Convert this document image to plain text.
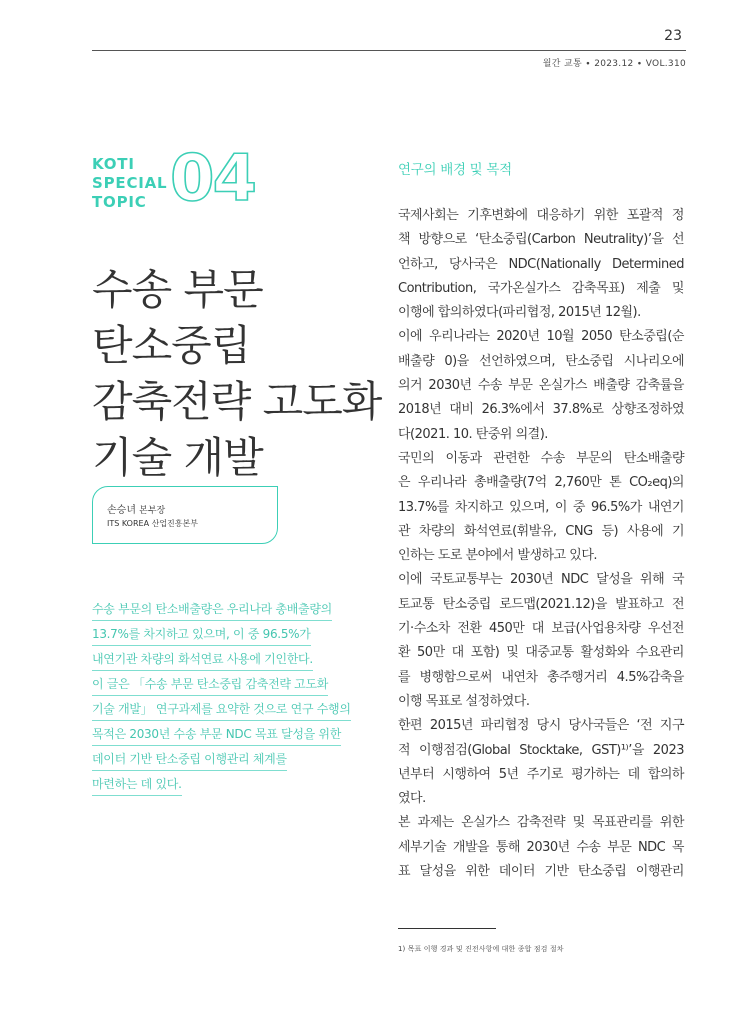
23
월간 교통 ∙ 2023.12 ∙ VOL.310
KOTI
SPECIAL
TOPIC 04
수송 부문
탄소중립
감축전략 고도화
기술 개발
손승녀 본부장
ITS KOREA 산업진흥본부
수송 부문의 탄소배출량은 우리나라 총배출량의
13.7%를 차지하고 있으며, 이 중 96.5%가
내연기관 차량의 화석연료 사용에 기인한다.
이 글은 「수송 부문 탄소중립 감축전략 고도화
기술 개발」 연구과제를 요약한 것으로 연구 수행의
목적은 2030년 수송 부문 NDC 목표 달성을 위한
데이터 기반 탄소중립 이행관리 체계를
마련하는 데 있다.
연구의 배경 및 목적
국제사회는 기후변화에 대응하기 위한 포괄적 정
책 방향으로 ‘탄소중립(Carbon Neutrality)’을 선
언하고, 당사국은 NDC(Nationally Determined
Contribution, 국가온실가스 감축목표) 제출 및
이행에 합의하였다(파리협정, 2015년 12월).
이에 우리나라는 2020년 10월 2050 탄소중립(순
배출량 0)을 선언하였으며, 탄소중립 시나리오에
의거 2030년 수송 부문 온실가스 배출량 감축률을
2018년 대비 26.3%에서 37.8%로 상향조정하였
다(2021. 10. 탄중위 의결).
국민의 이동과 관련한 수송 부문의 탄소배출량
은 우리나라 총배출량(7억 2,760만 톤 CO₂eq)의
13.7%를 차지하고 있으며, 이 중 96.5%가 내연기
관 차량의 화석연료(휘발유, CNG 등) 사용에 기
인하는 도로 분야에서 발생하고 있다.
이에 국토교통부는 2030년 NDC 달성을 위해 국
토교통 탄소중립 로드맵(2021.12)을 발표하고 전
기·수소차 전환 450만 대 보급(사업용차량 우선전
환 50만 대 포함) 및 대중교통 활성화와 수요관리
를 병행함으로써 내연차 총주행거리 4.5%감축을
이행 목표로 설정하였다.
한편 2015년 파리협정 당시 당사국들은 ‘전 지구
적 이행점검(Global Stocktake, GST)¹⁾’을 2023
년부터 시행하여 5년 주기로 평가하는 데 합의하
였다.
본 과제는 온실가스 감축전략 및 목표관리를 위한
세부기술 개발을 통해 2030년 수송 부문 NDC 목
표 달성을 위한 데이터 기반 탄소중립 이행관리
1) 목표 이행 경과 및 진전사항에 대한 종합 점검 절차
